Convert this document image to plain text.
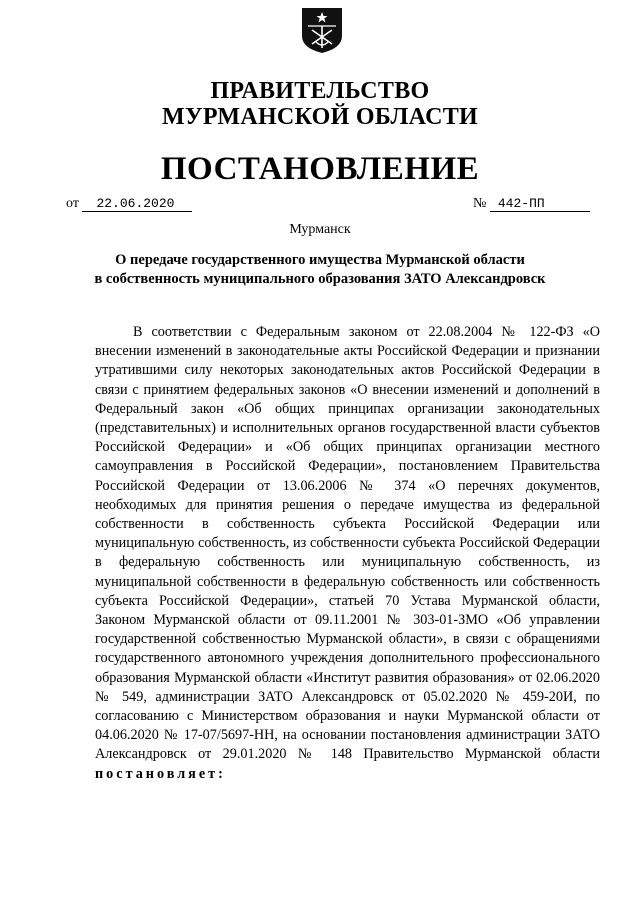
ПРАВИТЕЛЬСТВО
МУРМАНСКОЙ ОБЛАСТИ
ПОСТАНОВЛЕНИЕ
от 22.06.2020	№ 442-ПП
Мурманск
О передаче государственного имущества Мурманской области
в собственность муниципального образования ЗАТО Александровск

В соответствии с Федеральным законом от 22.08.2004 № 122-ФЗ «О внесении изменений в законодательные акты Российской Федерации и признании утратившими силу некоторых законодательных актов Российской Федерации в связи с принятием федеральных законов «О внесении изменений и дополнений в Федеральный закон «Об общих принципах организации законодательных (представительных) и исполнительных органов государственной власти субъектов Российской Федерации» и «Об общих принципах организации местного самоуправления в Российской Федерации», постановлением Правительства Российской Федерации от 13.06.2006 № 374 «О перечнях документов, необходимых для принятия решения о передаче имущества из федеральной собственности в собственность субъекта Российской Федерации или муниципальную собственность, из собственности субъекта Российской Федерации в федеральную собственность или муниципальную собственность, из муниципальной собственности в федеральную собственность или собственность субъекта Российской Федерации», статьей 70 Устава Мурманской области, Законом Мурманской области от 09.11.2001 № 303-01-ЗМО «Об управлении государственной собственностью Мурманской области», в связи с обращениями государственного автономного учреждения дополнительного профессионального образования Мурманской области «Институт развития образования» от 02.06.2020 № 549, администрации ЗАТО Александровск от 05.02.2020 № 459-20И, по согласованию с Министерством образования и науки Мурманской области от 04.06.2020 № 17-07/5697-НН, на основании постановления администрации ЗАТО Александровск от 29.01.2020 № 148 Правительство Мурманской области постановляет:
